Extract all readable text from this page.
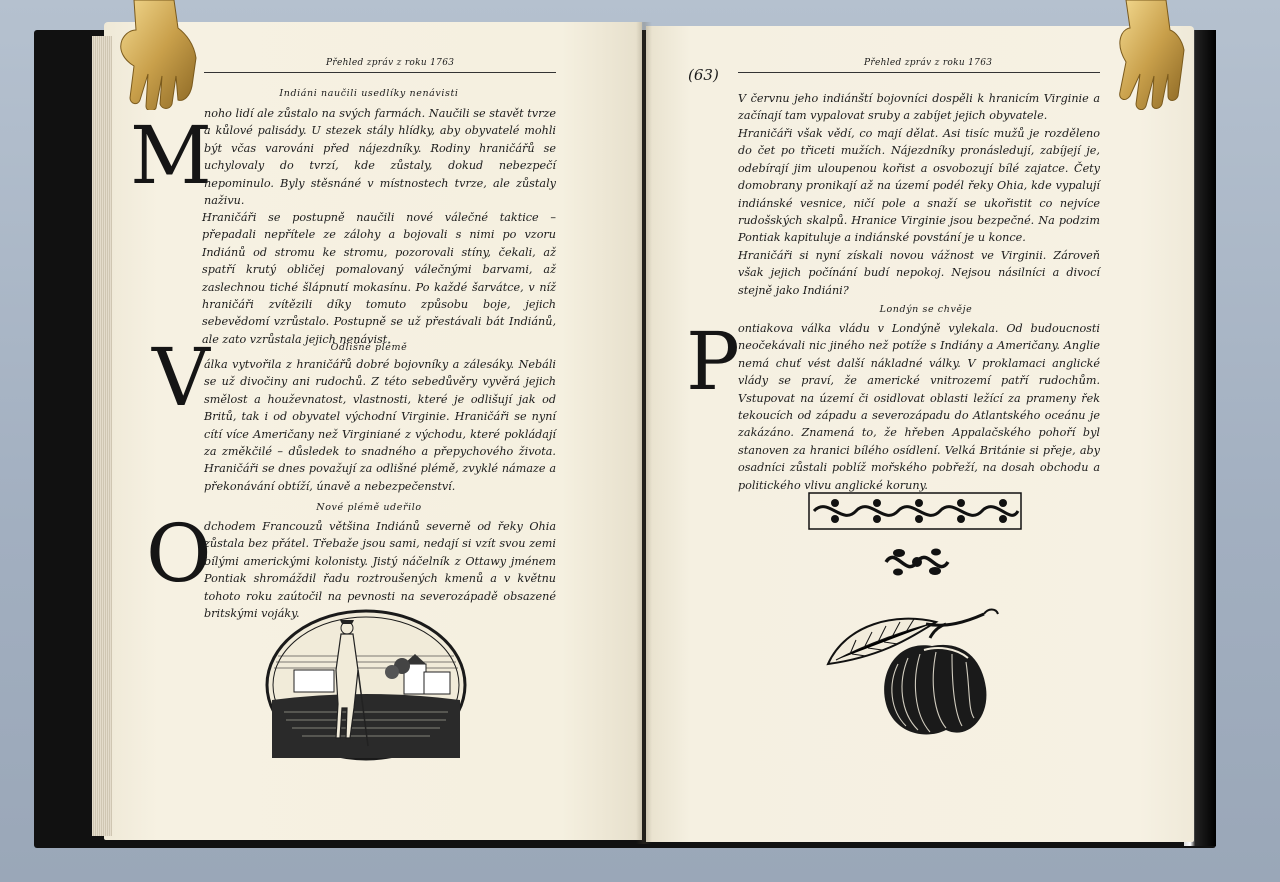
Přehled zpráv z roku 1763
Indiáni naučili usedlíky nenávisti
M

noho lidí ale zůstalo na svých farmách. Naučili se stavět tvrze a kůlové palisády. U stezek stály hlídky, aby obyvatelé mohli být včas varováni před nájezdníky. Rodiny hraničářů se uchylovaly do tvrzí, kde zůstaly, dokud nebezpečí nepominulo. Byly stěsnáné v místnostech tvrze, ale zůstaly naživu.

Hraničáři se postupně naučili nové válečné taktice – přepadali nepřítele ze zálohy a bojovali s nimi po vzoru Indiánů od stromu ke stromu, pozorovali stíny, čekali, až spatří krutý obličej pomalovaný válečnými barvami, až zaslechnou tiché šlápnutí mokasínu. Po každé šarvátce, v níž hraničáři zvítězili díky tomuto způsobu boje, jejich sebevědomí vzrůstalo. Postupně se už přestávali bát Indiánů, ale zato vzrůstala jejich nenávist.

Odlišné plémě
V

álka vytvořila z hraničářů dobré bojovníky a zálesáky. Nebáli se už divočiny ani rudochů. Z této sebedůvěry vyvěrá jejich smělost a houževnatost, vlastnosti, které je odlišují jak od Britů, tak i od obyvatel východní Virginie. Hraničáři se nyní cítí více Američany než Virginiané z východu, které pokládají za změkčilé – důsledek to snadného a přepychového života. Hraničáři se dnes považují za odlišné plémě, zvyklé námaze a překonávání obtíží, únavě a nebezpečenství.

Nové plémě udeřilo
O

dchodem Francouzů většina Indiánů severně od řeky Ohia zůstala bez přátel. Třebaže jsou sami, nedají si vzít svou zemi bílými americkými kolonisty. Jistý náčelník z Ottawy jménem Pontiak shromáždil řadu roztroušených kmenů a v květnu tohoto roku zaútočil na pevnosti na severozápadě obsazené britskými vojáky.

(63)
Přehled zpráv z roku 1763

V červnu jeho indiánští bojovníci dospěli k hranicím Virginie a začínají tam vypalovat sruby a zabíjet jejich obyvatele.

Hraničáři však vědí, co mají dělat. Asi tisíc mužů je rozděleno do čet po třiceti mužích. Nájezdníky pronásledují, zabíjejí je, odebírají jim uloupenou kořist a osvobozují bílé zajatce. Čety domobrany pronikají až na území podél řeky Ohia, kde vypalují indiánské vesnice, ničí pole a snaží se ukořistit co nejvíce rudošských skalpů. Hranice Virginie jsou bezpečné. Na podzim Pontiak kapituluje a indiánské povstání je u konce.

Hraničáři si nyní získali novou vážnost ve Virginii. Zároveň však jejich počínání budí nepokoj. Nejsou násilníci a divocí stejně jako Indiáni?

Londýn se chvěje
P

ontiakova válka vládu v Londýně vylekala. Od budoucnosti neočekávali nic jiného než potíže s Indiány a Američany. Anglie nemá chuť vést další nákladné války. V proklamaci anglické vlády se praví, že americké vnitrozemí patří rudochům. Vstupovat na území či osidlovat oblasti ležící za prameny řek tekoucích od západu a severozápadu do Atlantského oceánu je zakázáno. Znamená to, že hřeben Appalačského pohoří byl stanoven za hranici bílého osídlení. Velká Británie si přeje, aby osadníci zůstali poblíž mořského pobřeží, na dosah obchodu a politického vlivu anglické koruny.
